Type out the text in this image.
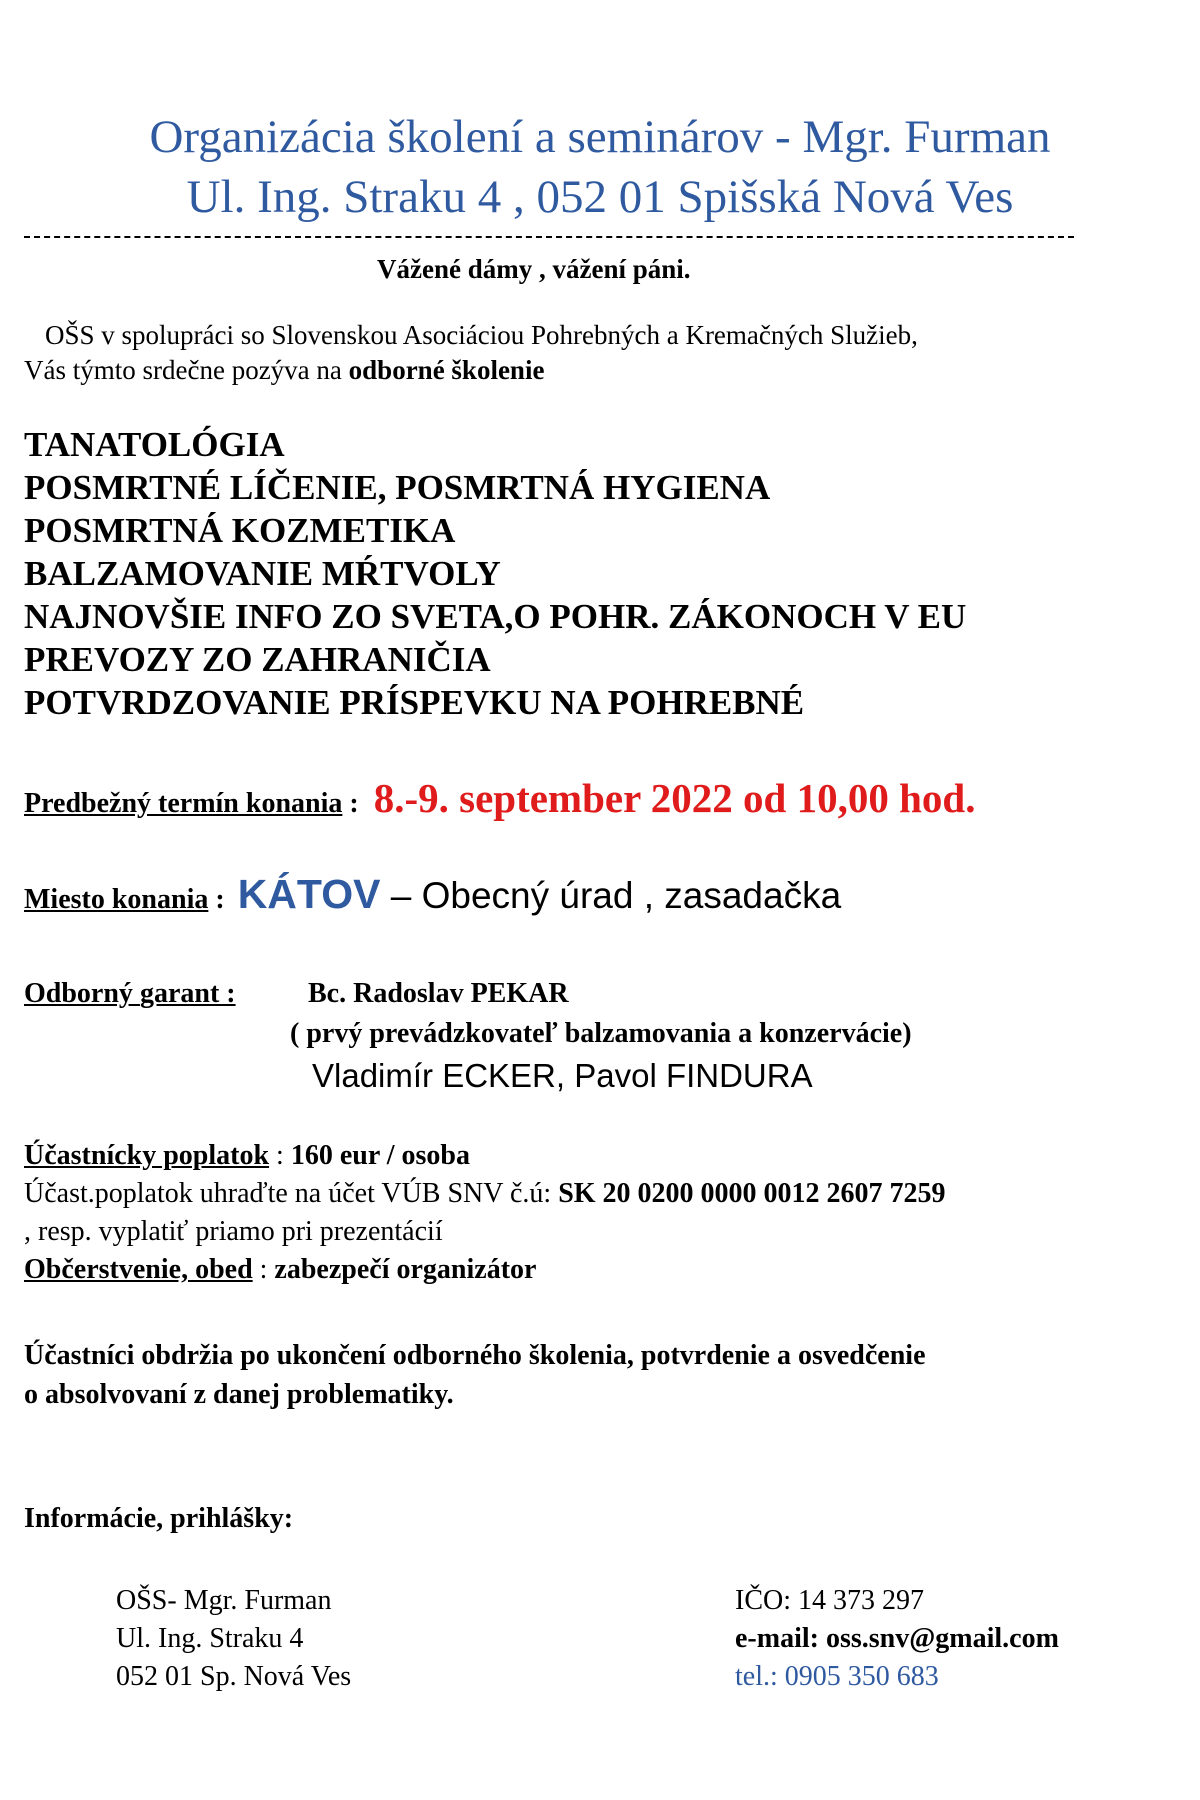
Organizácia školení a seminárov - Mgr. Furman
Ul. Ing. Straku 4 , 052 01 Spišská Nová Ves
Vážené dámy , vážení páni.
OŠS v spolupráci so Slovenskou Asociáciou Pohrebných a Kremačných Služieb,
Vás týmto srdečne pozýva na odborné školenie
TANATOLÓGIA
POSMRTNÉ LÍČENIE, POSMRTNÁ HYGIENA
POSMRTNÁ KOZMETIKA
BALZAMOVANIE MŔTVOLY
NAJNOVŠIE INFO ZO SVETA,O POHR. ZÁKONOCH V EU
PREVOZY ZO ZAHRANIČIA
POTVRDZOVANIE PRÍSPEVKU NA POHREBNÉ
Predbežný termín konania : 8.-9. september 2022 od 10,00 hod.
Miesto konania : KÁTOV – Obecný úrad , zasadačka
Odborný garant :	Bc. Radoslav PEKAR
( prvý prevádzkovateľ balzamovania a konzervácie)
Vladimír ECKER, Pavol FINDURA
Účastnícky poplatok : 160 eur / osoba
Účast.poplatok uhraďte na účet VÚB SNV č.ú: SK 20 0200 0000 0012 2607 7259
, resp. vyplatiť priamo pri prezentácií
Občerstvenie, obed : zabezpečí organizátor
Účastníci obdržia po ukončení odborného školenia, potvrdenie a osvedčenie
o absolvovaní z danej problematiky.
Informácie, prihlášky:
OŠS- Mgr. Furman
Ul. Ing. Straku 4
052 01 Sp. Nová Ves
IČO: 14 373 297
e-mail: oss.snv@gmail.com
tel.: 0905 350 683
